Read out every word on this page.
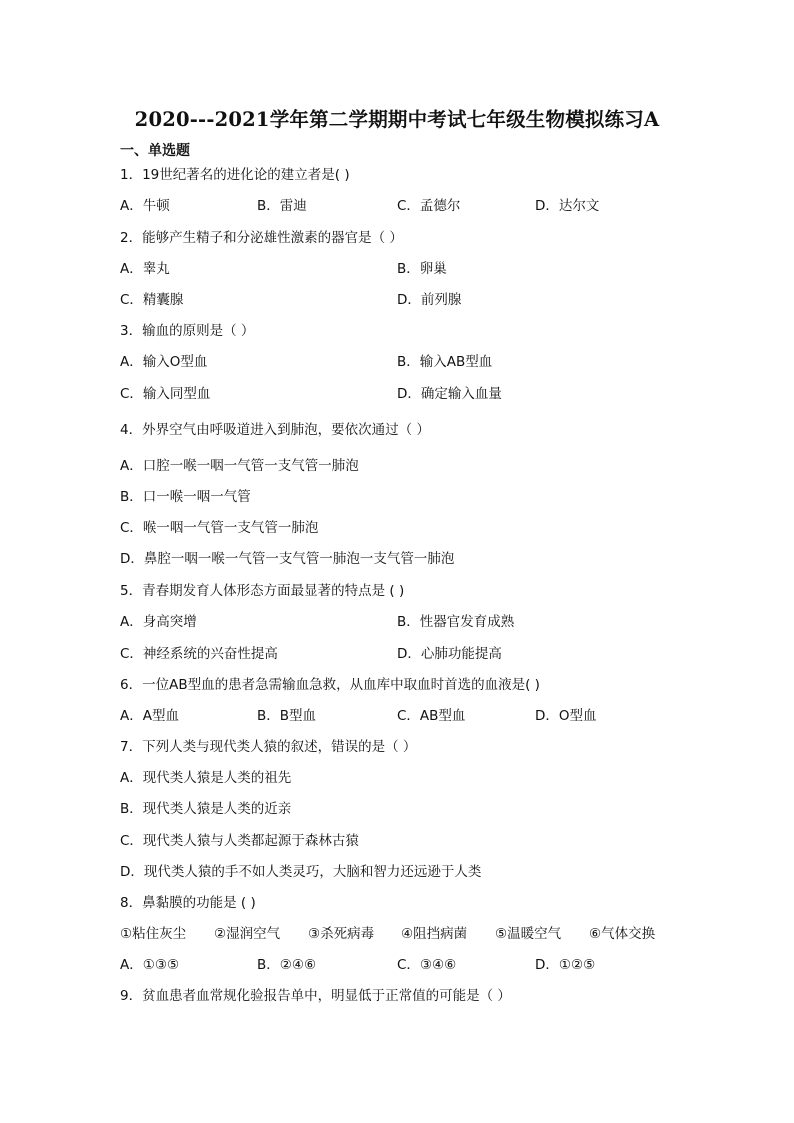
2020---2021学年第二学期期中考试七年级生物模拟练习A
一、单选题
1．19世纪著名的进化论的建立者是( )
A．牛顿	B．雷迪	C．孟德尔	D．达尔文
2．能够产生精子和分泌雄性激素的器官是（ ）
A．睾丸	B．卵巢
C．精囊腺	D．前列腺
3．输血的原则是（ ）
A．输入O型血	B．输入AB型血
C．输入同型血	D．确定输入血量
4．外界空气由呼吸道进入到肺泡，要依次通过（ ）
A．口腔一喉一咽一气管一支气管一肺泡
B．口一喉一咽一气管
C．喉一咽一气管一支气管一肺泡
D．鼻腔一咽一喉一气管一支气管一肺泡一支气管一肺泡
5．青春期发育人体形态方面最显著的特点是 ( )
A．身高突增	B．性器官发育成熟
C．神经系统的兴奋性提高	D．心肺功能提高
6．一位AB型血的患者急需输血急救，从血库中取血时首选的血液是( )
A．A型血	B．B型血	C．AB型血	D．O型血
7．下列人类与现代类人猿的叙述，错误的是（ ）
A．现代类人猿是人类的祖先
B．现代类人猿是人类的近亲
C．现代类人猿与人类都起源于森林古猿
D．现代类人猿的手不如人类灵巧，大脑和智力还远逊于人类
8．鼻黏膜的功能是 ( )
①粘住灰尘 ②湿润空气 ③杀死病毒 ④阻挡病菌 ⑤温暖空气 ⑥气体交换
A．①③⑤	B．②④⑥	C．③④⑥	D．①②⑤
9．贫血患者血常规化验报告单中，明显低于正常值的可能是（ ）
